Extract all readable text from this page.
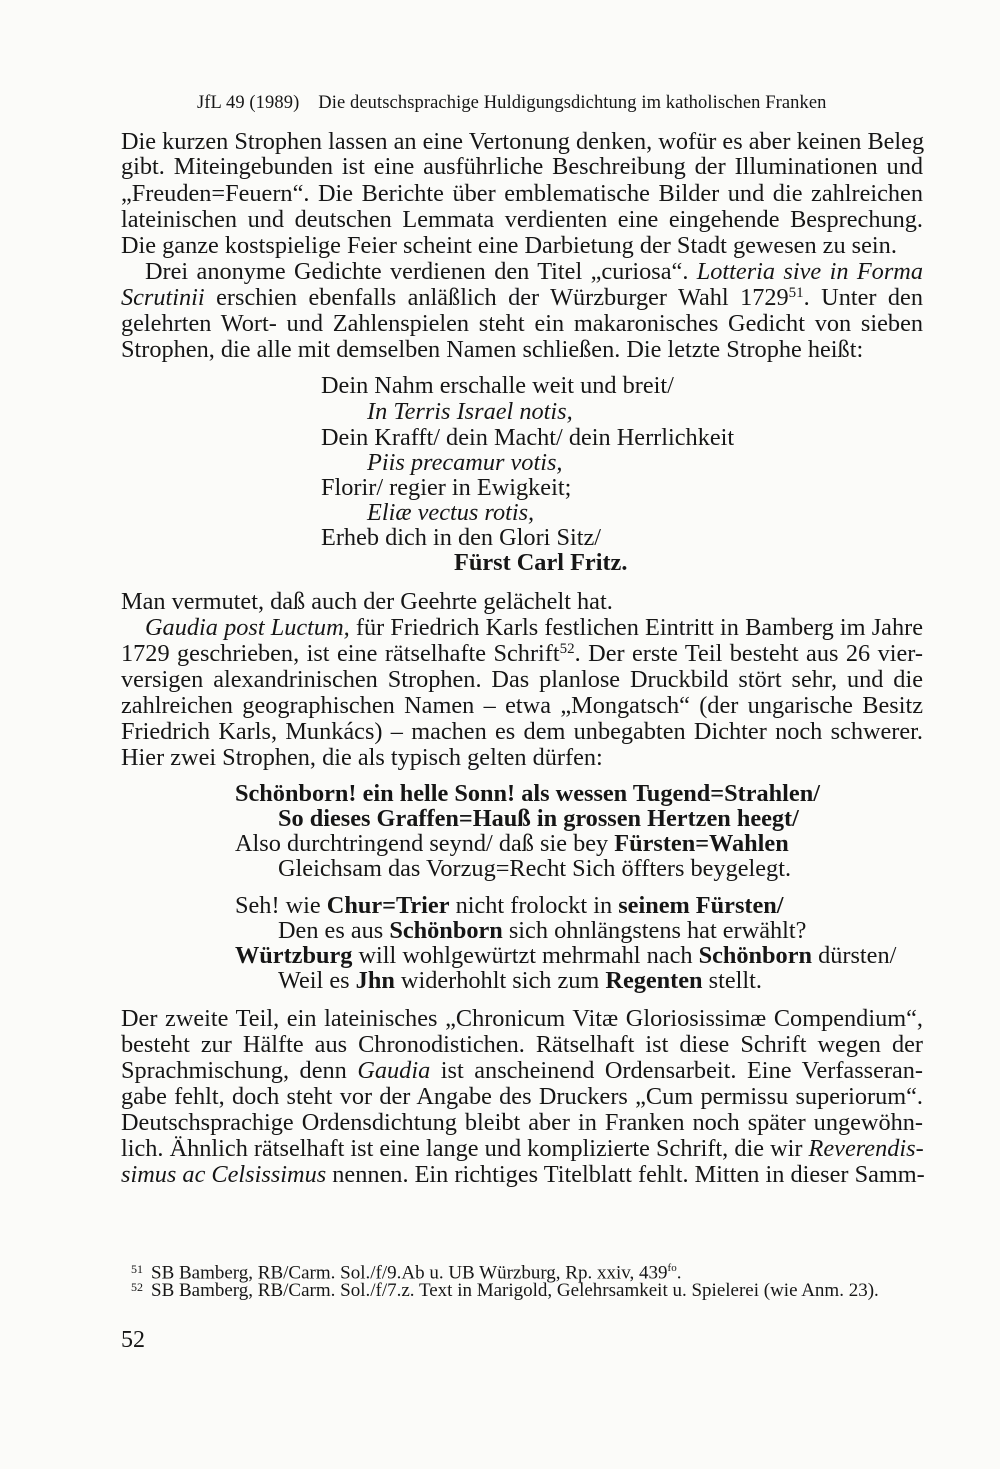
JfL 49 (1989) Die deutschsprachige Huldigungsdichtung im katholischen Franken
Die kurzen Strophen lassen an eine Vertonung denken, wofür es aber keinen Beleg
gibt. Miteingebunden ist eine ausführliche Beschreibung der Illuminationen und
„Freuden=Feuern“. Die Berichte über emblematische Bilder und die zahlreichen
lateinischen und deutschen Lemmata verdienten eine eingehende Besprechung.
Die ganze kostspielige Feier scheint eine Darbietung der Stadt gewesen zu sein.
Drei anonyme Gedichte verdienen den Titel „curiosa“. Lotteria sive in Forma
Scrutinii erschien ebenfalls anläßlich der Würzburger Wahl 1729$^{51}$. Unter den
gelehrten Wort- und Zahlenspielen steht ein makaronisches Gedicht von sieben
Strophen, die alle mit demselben Namen schließen. Die letzte Strophe heißt:
Dein Nahm erschalle weit und breit/
In Terris Israel notis,
Dein Krafft/ dein Macht/ dein Herrlichkeit
Piis precamur votis,
Florir/ regier in Ewigkeit;
Eliæ vectus rotis,
Erheb dich in den Glori Sitz/
Fürst Carl Fritz.
Man vermutet, daß auch der Geehrte gelächelt hat.
Gaudia post Luctum, für Friedrich Karls festlichen Eintritt in Bamberg im Jahre
1729 geschrieben, ist eine rätselhafte Schrift$^{52}$. Der erste Teil besteht aus 26 vier-
versigen alexandrinischen Strophen. Das planlose Druckbild stört sehr, und die
zahlreichen geographischen Namen – etwa „Mongatsch“ (der ungarische Besitz
Friedrich Karls, Munkács) – machen es dem unbegabten Dichter noch schwerer.
Hier zwei Strophen, die als typisch gelten dürfen:
Schönborn! ein helle Sonn! als wessen Tugend=Strahlen/
So dieses Graffen=Hauß in grossen Hertzen heegt/
Also durchtringend seynd/ daß sie bey Fürsten=Wahlen
Gleichsam das Vorzug=Recht Sich öffters beygelegt.
Seh! wie Chur=Trier nicht frolockt in seinem Fürsten/
Den es aus Schönborn sich ohnlängstens hat erwählt?
Würtzburg will wohlgewürtzt mehrmahl nach Schönborn dürsten/
Weil es Jhn widerhohlt sich zum Regenten stellt.
Der zweite Teil, ein lateinisches „Chronicum Vitæ Gloriosissimæ Compendium“,
besteht zur Hälfte aus Chronodistichen. Rätselhaft ist diese Schrift wegen der
Sprachmischung, denn Gaudia ist anscheinend Ordensarbeit. Eine Verfasseran-
gabe fehlt, doch steht vor der Angabe des Druckers „Cum permissu superiorum“.
Deutschsprachige Ordensdichtung bleibt aber in Franken noch später ungewöhn-
lich. Ähnlich rätselhaft ist eine lange und komplizierte Schrift, die wir Reverendis-
simus ac Celsissimus nennen. Ein richtiges Titelblatt fehlt. Mitten in dieser Samm-
$^{51}$ SB Bamberg, RB/Carm. Sol./f/9.Ab u. UB Würzburg, Rp. xxiv, $439^{fo}$.
$^{52}$ SB Bamberg, RB/Carm. Sol./f/7.z. Text in Marigold, Gelehrsamkeit u. Spielerei (wie Anm. 23).
52
